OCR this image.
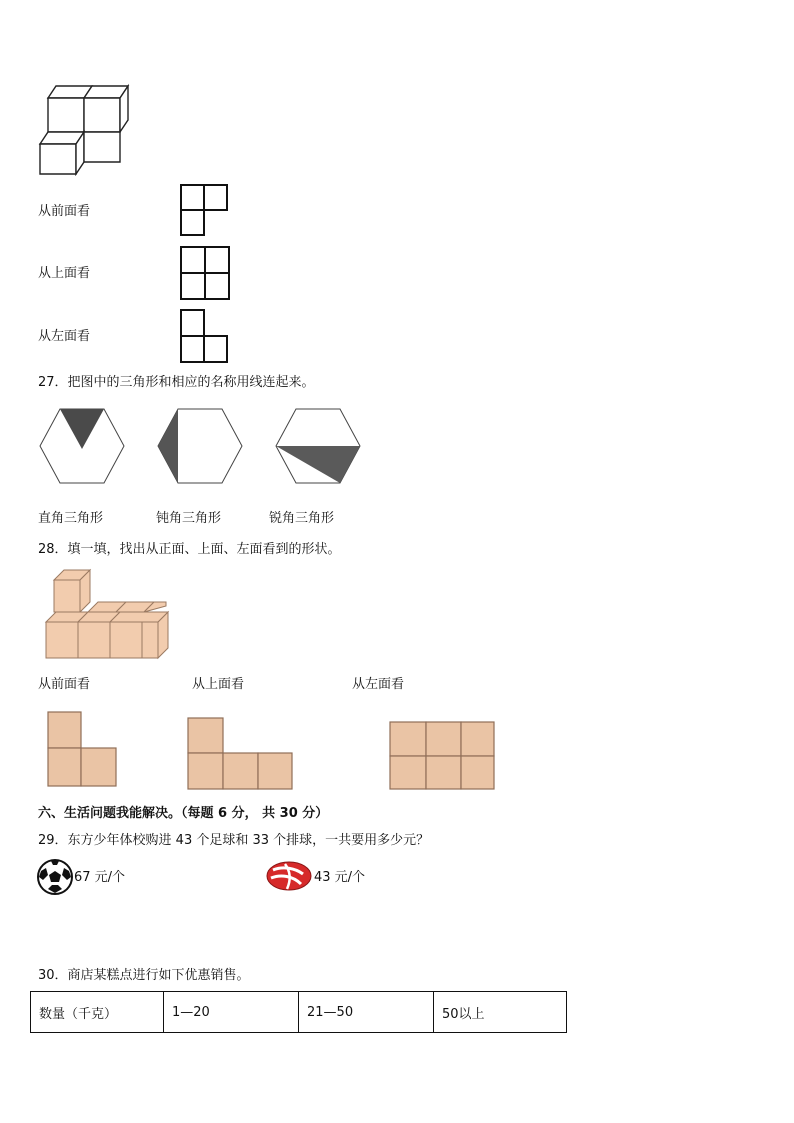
从前面看
从上面看
从左面看
27．把图中的三角形和相应的名称用线连起来。
直角三角形	钝角三角形	锐角三角形
28．填一填，找出从正面、上面、左面看到的形状。
从前面看	从上面看	从左面看
六、生活问题我能解决。（每题 6 分， 共 30 分）
29．东方少年体校购进 43 个足球和 33 个排球，一共要用多少元？
67 元/个	43 元/个
30．商店某糕点进行如下优惠销售。
数量（千克）	1—20	21—50	50以上
